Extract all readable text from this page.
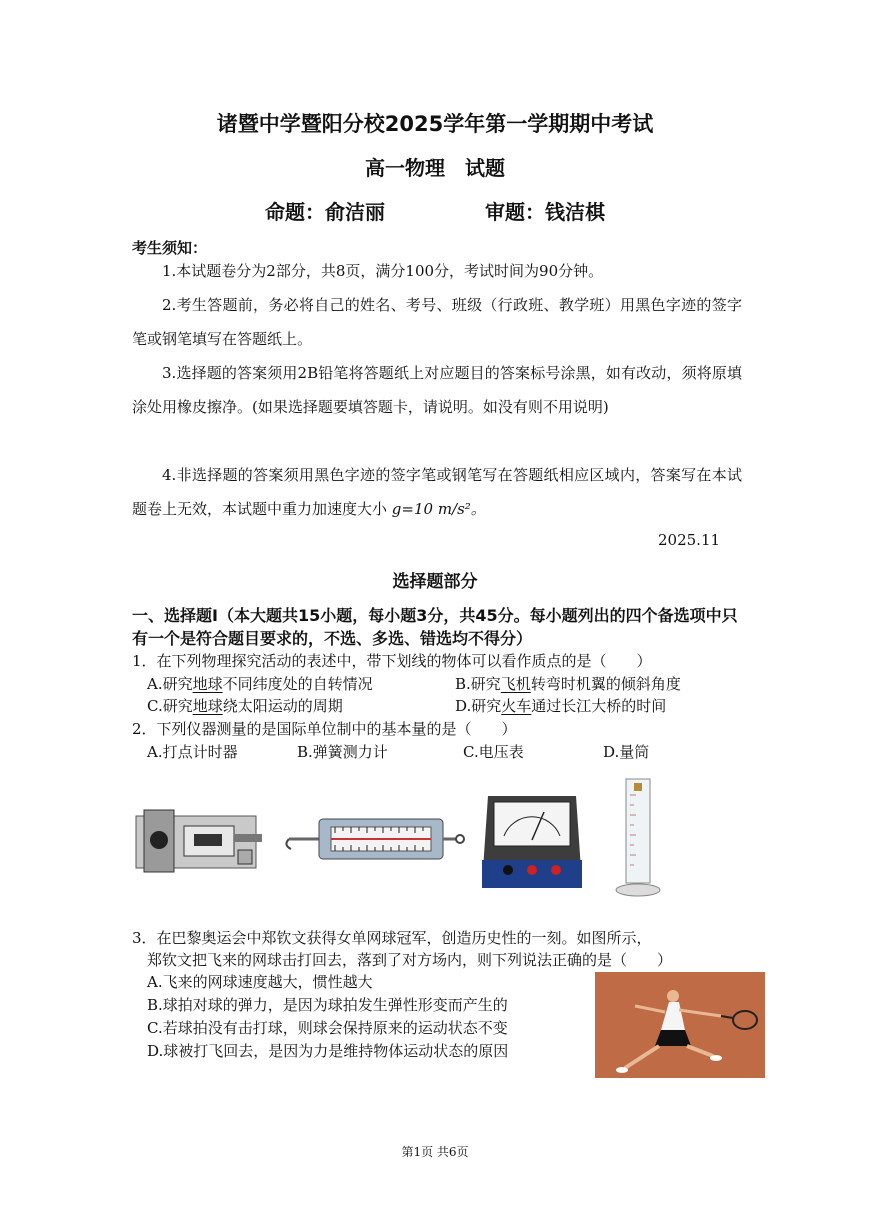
诸暨中学暨阳分校2025学年第一学期期中考试
高一物理　试题
命题：俞洁丽	审题：钱洁棋
考生须知：
1.本试题卷分为2部分，共8页，满分100分，考试时间为90分钟。
2.考生答题前，务必将自己的姓名、考号、班级（行政班、教学班）用黑色字迹的签字笔或钢笔填写在答题纸上。
3.选择题的答案须用2B铅笔将答题纸上对应题目的答案标号涂黑，如有改动，须将原填涂处用橡皮擦净。(如果选择题要填答题卡，请说明。如没有则不用说明)
4.非选择题的答案须用黑色字迹的签字笔或钢笔写在答题纸相应区域内，答案写在本试题卷上无效，本试题中重力加速度大小 g=10 m/s²。
2025.11
选择题部分
一、选择题Ⅰ（本大题共15小题，每小题3分，共45分。每小题列出的四个备选项中只有一个是符合题目要求的，不选、多选、错选均不得分）
1．在下列物理探究活动的表述中，带下划线的物体可以看作质点的是（　　）
A.研究地球不同纬度处的自转情况	B.研究飞机转弯时机翼的倾斜角度
C.研究地球绕太阳运动的周期	D.研究火车通过长江大桥的时间
2．下列仪器测量的是国际单位制中的基本量的是（　　）
A.打点计时器	B.弹簧测力计	C.电压表	D.量筒
3．在巴黎奥运会中郑钦文获得女单网球冠军，创造历史性的一刻。如图所示，
郑钦文把飞来的网球击打回去，落到了对方场内，则下列说法正确的是（　　）
A.飞来的网球速度越大，惯性越大
B.球拍对球的弹力，是因为球拍发生弹性形变而产生的
C.若球拍没有击打球，则球会保持原来的运动状态不变
D.球被打飞回去，是因为力是维持物体运动状态的原因
第1页 共6页
